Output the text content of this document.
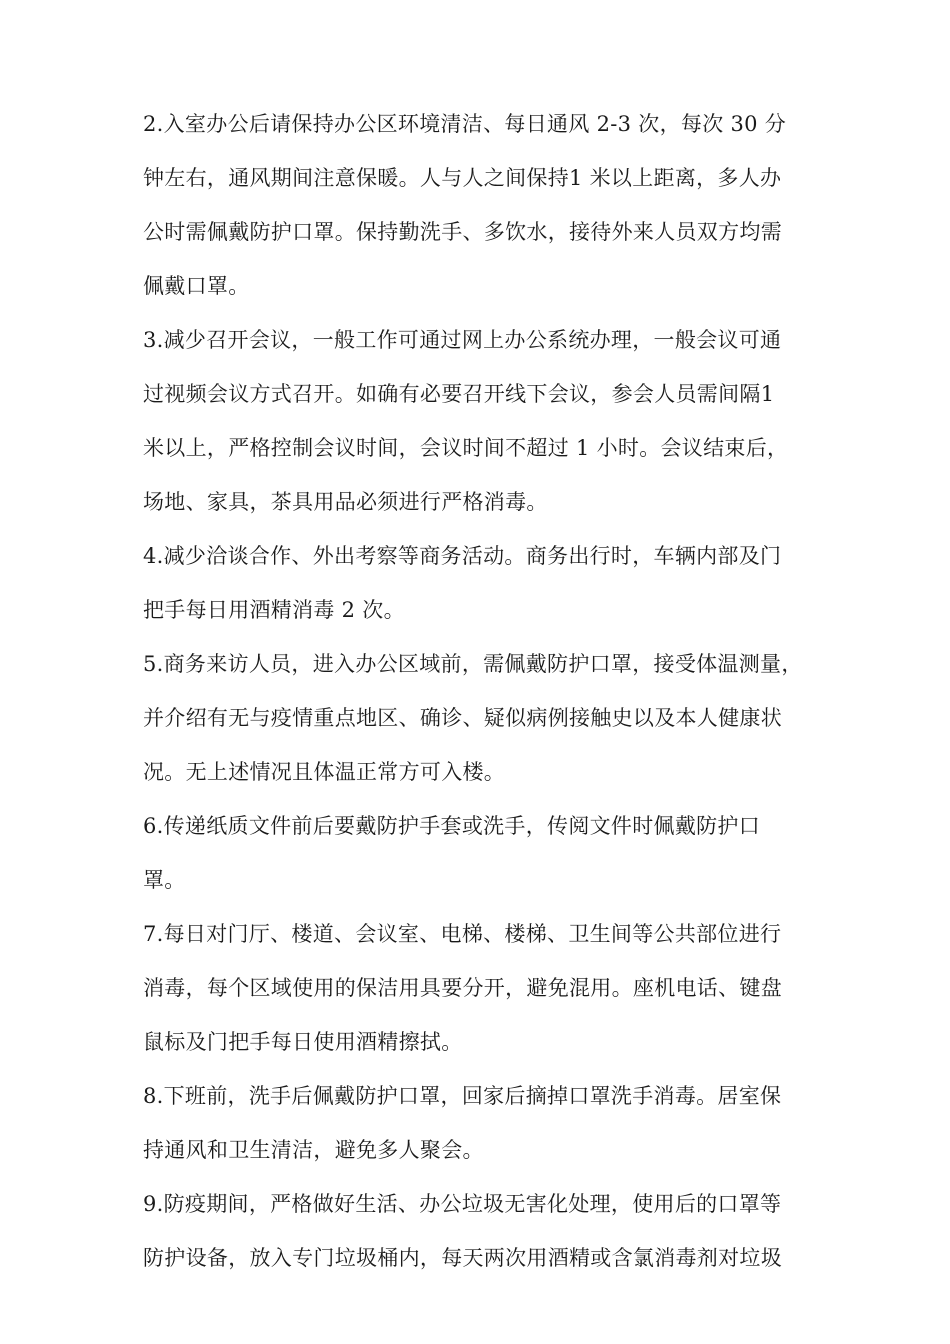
2.入室办公后请保持办公区环境清洁、每日通风 2-3 次，每次 30 分
钟左右，通风期间注意保暖。人与人之间保持1 米以上距离，多人办
公时需佩戴防护口罩。保持勤洗手、多饮水，接待外来人员双方均需
佩戴口罩。
3.减少召开会议，一般工作可通过网上办公系统办理，一般会议可通
过视频会议方式召开。如确有必要召开线下会议，参会人员需间隔1
米以上，严格控制会议时间，会议时间不超过 1 小时。会议结束后，
场地、家具，茶具用品必须进行严格消毒。
4.减少洽谈合作、外出考察等商务活动。商务出行时，车辆内部及门
把手每日用酒精消毒 2 次。
5.商务来访人员，进入办公区域前，需佩戴防护口罩，接受体温测量，
并介绍有无与疫情重点地区、确诊、疑似病例接触史以及本人健康状
况。无上述情况且体温正常方可入楼。
6.传递纸质文件前后要戴防护手套或洗手，传阅文件时佩戴防护口
罩。
7.每日对门厅、楼道、会议室、电梯、楼梯、卫生间等公共部位进行
消毒，每个区域使用的保洁用具要分开，避免混用。座机电话、键盘
鼠标及门把手每日使用酒精擦拭。
8.下班前，洗手后佩戴防护口罩，回家后摘掉口罩洗手消毒。居室保
持通风和卫生清洁，避免多人聚会。
9.防疫期间，严格做好生活、办公垃圾无害化处理，使用后的口罩等
防护设备，放入专门垃圾桶内，每天两次用酒精或含氯消毒剂对垃圾
